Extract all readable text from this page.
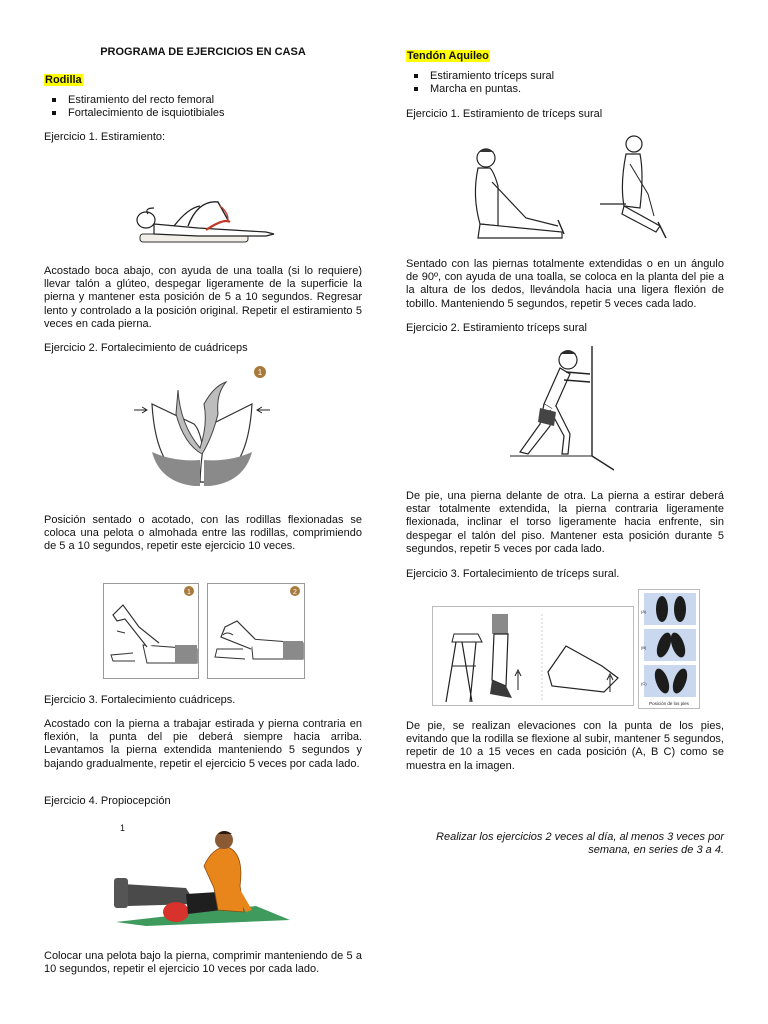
PROGRAMA DE EJERCICIOS EN CASA
Rodilla
Estiramiento del recto femoral
Fortalecimiento de isquiotibiales

Ejercicio 1. Estiramiento:

Acostado boca abajo, con ayuda de una toalla (si lo requiere) llevar talón a glúteo, despegar ligeramente de la superficie la pierna y mantener esta posición de 5 a 10 segundos. Regresar lento y controlado a la posición original. Repetir el estiramiento 5 veces en cada pierna.

Ejercicio 2. Fortalecimiento de cuádriceps

1

Posición sentado o acotado, con las rodillas flexionadas se coloca una pelota o almohada entre las rodillas, comprimiendo de 5 a 10 segundos, repetir este ejercicio 10 veces.

1	2

Ejercicio 3. Fortalecimiento cuádriceps.

Acostado con la pierna a trabajar estirada y pierna contraria en flexión, la punta del pie deberá siempre hacia arriba. Levantamos la pierna extendida manteniendo 5 segundos y bajando gradualmente, repetir el ejercicio 5 veces por cada lado.

Ejercicio 4. Propiocepción

1

Colocar una pelota bajo la pierna, comprimir manteniendo de 5 a 10 segundos, repetir el ejercicio 10 veces por cada lado.

Tendón Aquileo
Estiramiento tríceps sural
Marcha en puntas.

Ejercicio 1. Estiramiento de tríceps sural

Sentado con las piernas totalmente extendidas o en un ángulo de 90º, con ayuda de una toalla, se coloca en la planta del pie a la altura de los dedos, llevándola hacia una ligera flexión de tobillo. Manteniendo 5 segundos, repetir 5 veces cada lado.

Ejercicio 2. Estiramiento tríceps sural

De pie, una pierna delante de otra. La pierna a estirar deberá estar totalmente extendida, la pierna contraria ligeramente flexionada, inclinar el torso ligeramente hacia enfrente, sin despegar el talón del piso. Mantener esta posición durante 5 segundos, repetir 5 veces por cada lado.

Ejercicio 3. Fortalecimiento de tríceps sural.

(A)
(B)
(C)
Posición de los pies

De pie, se realizan elevaciones con la punta de los pies, evitando que la rodilla se flexione al subir, mantener 5 segundos, repetir de 10 a 15 veces en cada posición (A, B C) como se muestra en la imagen.

Realizar los ejercicios 2 veces al día, al menos 3 veces por semana, en series de 3 a 4.
